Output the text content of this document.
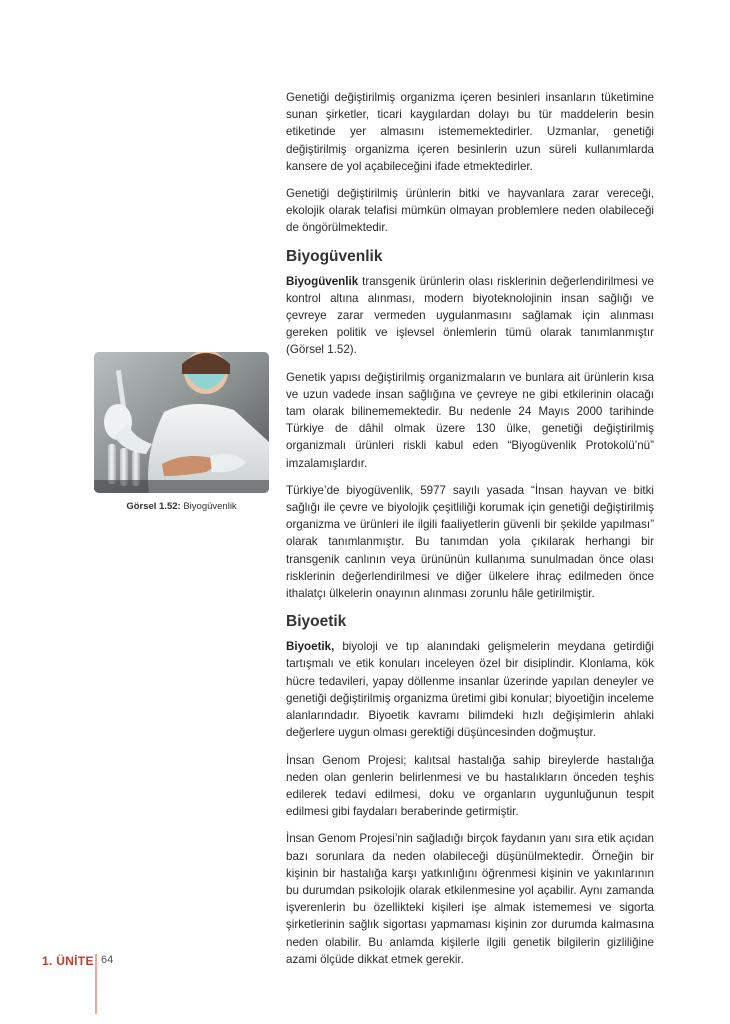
Genetiği değiştirilmiş organizma içeren besinleri insanların tüketimine sunan şirketler, ticari kaygılardan dolayı bu tür maddelerin besin etiketinde yer almasını istememektedirler. Uzmanlar, genetiği değiştirilmiş organizma içeren besinlerin uzun süreli kullanımlarda kansere de yol açabileceğini ifade etmektedirler.

Genetiği değiştirilmiş ürünlerin bitki ve hayvanlara zarar vereceği, ekolojik olarak telafisi mümkün olmayan problemlere neden olabileceği de öngörülmektedir.

Biyogüvenlik

Biyogüvenlik transgenik ürünlerin olası risklerinin değerlendirilmesi ve kontrol altına alınması, modern biyoteknolojinin insan sağlığı ve çevreye zarar vermeden uygulanmasını sağlamak için alınması gereken politik ve işlevsel önlemlerin tümü olarak tanımlanmıştır (Görsel 1.52).

Genetik yapısı değiştirilmiş organizmaların ve bunlara ait ürünlerin kısa ve uzun vadede insan sağlığına ve çevreye ne gibi etkilerinin olacağı tam olarak bilinememektedir. Bu nedenle 24 Mayıs 2000 tarihinde Türkiye de dâhil olmak üzere 130 ülke, genetiği değiştirilmiş organizmalı ürünleri riskli kabul eden “Biyogüvenlik Protokolü’nü” imzalamışlardır.

Türkiye’de biyogüvenlik, 5977 sayılı yasada “İnsan hayvan ve bitki sağlığı ile çevre ve biyolojik çeşitliliği korumak için genetiği değiştirilmiş organizma ve ürünleri ile ilgili faaliyetlerin güvenli bir şekilde yapılması” olarak tanımlanmıştır. Bu tanımdan yola çıkılarak herhangi bir transgenik canlının veya ürününün kullanıma sunulmadan önce olası risklerinin değerlendirilmesi ve diğer ülkelere ihraç edilmeden önce ithalatçı ülkelerin onayının alınması zorunlu hâle getirilmiştir.

Biyoetik

Biyoetik, biyoloji ve tıp alanındaki gelişmelerin meydana getirdiği tartışmalı ve etik konuları inceleyen özel bir disiplindir. Klonlama, kök hücre tedavileri, yapay döllenme insanlar üzerinde yapılan deneyler ve genetiği değiştirilmiş organizma üretimi gibi konular; biyoetiğin inceleme alanlarındadır. Biyoetik kavramı bilimdeki hızlı değişimlerin ahlaki değerlere uygun olması gerektiği düşüncesinden doğmuştur.

İnsan Genom Projesi; kalıtsal hastalığa sahip bireylerde hastalığa neden olan genlerin belirlenmesi ve bu hastalıkların önceden teşhis edilerek tedavi edilmesi, doku ve organların uygunluğunun tespit edilmesi gibi faydaları beraberinde getirmiştir.

İnsan Genom Projesi’nin sağladığı birçok faydanın yanı sıra etik açıdan bazı sorunlara da neden olabileceği düşünülmektedir. Örneğin bir kişinin bir hastalığa karşı yatkınlığını öğrenmesi kişinin ve yakınlarının bu durumdan psikolojik olarak etkilenmesine yol açabilir. Aynı zamanda işverenlerin bu özellikteki kişileri işe almak istememesi ve sigorta şirketlerinin sağlık sigortası yapmaması kişinin zor durumda kalmasına neden olabilir. Bu anlamda kişilerle ilgili genetik bilgilerin gizliliğine azami ölçüde dikkat etmek gerekir.

Görsel 1.52: Biyogüvenlik
1. ÜNİTE 64
